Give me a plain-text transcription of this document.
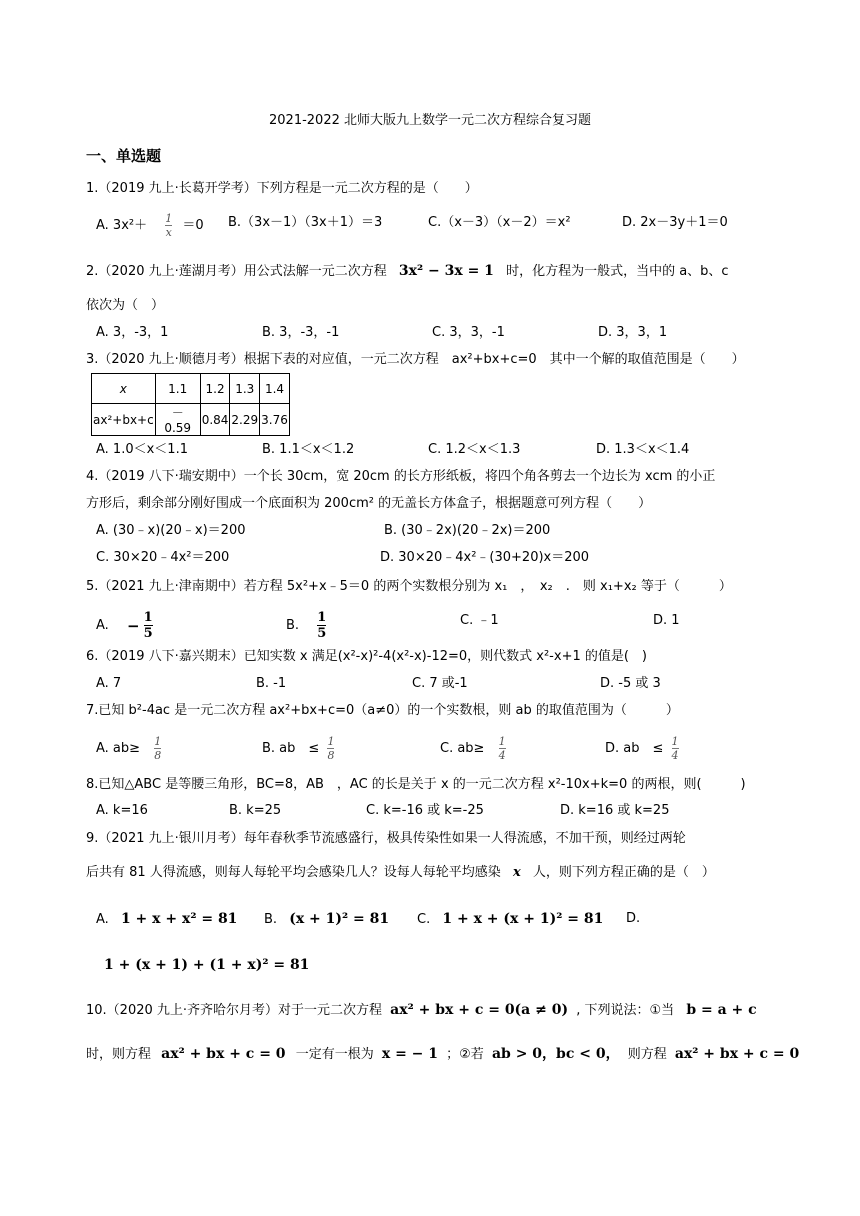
2021-2022 北师大版九上数学一元二次方程综合复习题
一、单选题
1.（2019 九上·长葛开学考）下列方程是一元二次方程的是（　　）
A. $3x^2+ \frac{1}{x} =0$ B.（3x－1）（3x＋1）＝3	C.（x－3）（x－2）＝x²	D. 2x－3y＋1＝0
2.（2020 九上·莲湖月考）用公式法解一元二次方程 3x² − 3x = 1 时，化方程为一般式，当中的 a、b、c
依次为（　）
A. 3，-3，1	B. 3，-3，-1	C. 3，3，-1	D. 3，3，1
3.（2020 九上·顺德月考）根据下表的对应值，一元二次方程　ax²+bx+c=0　其中一个解的取值范围是（　　）
x	1.1	1.2	1.3	1.4
ax²+bx+c	－0.59	0.84	2.29	3.76
A. 1.0＜x＜1.1	B. 1.1＜x＜1.2	C. 1.2＜x＜1.3	D. 1.3＜x＜1.4
4.（2019 八下·瑞安期中）一个长 30cm，宽 20cm 的长方形纸板，将四个角各剪去一个边长为 xcm 的小正
方形后，剩余部分刚好围成一个底面积为 200cm² 的无盖长方体盒子，根据题意可列方程（　　）
A. (30﹣x)(20﹣x)＝200	B. (30﹣2x)(20﹣2x)＝200
C. 30×20﹣4x²＝200	D. 30×20﹣4x²﹣(30+20)x＝200
5.（2021 九上·津南期中）若方程 5x²+x﹣5＝0 的两个实数根分别为 x₁　，　x₂　.　则 x₁+x₂ 等于（　　　）
A. − $\frac{1}{5}$	B. $\frac{1}{5}$	C. ﹣1	D. 1
6.（2019 八下·嘉兴期末）已知实数 x 满足(x²-x)²-4(x²-x)-12=0，则代数式 x²-x+1 的值是(　)
A. 7	B. -1	C. 7 或-1	D. -5 或 3
7.已知 b²-4ac 是一元二次方程 ax²+bx+c=0（a≠0）的一个实数根，则 ab 的取值范围为（　　　）
A. $ab\ge \frac{1}{8}$	B. ab　≤ $\frac{1}{8}$	C. $ab\ge \frac{1}{4}$	D. ab　≤ $\frac{1}{4}$
8.已知△ABC 是等腰三角形，BC=8，AB　，AC 的长是关于 x 的一元二次方程 x²-10x+k=0 的两根，则(　　　)
A. k=16	B. k=25	C. k=-16 或 k=-25	D. k=16 或 k=25
9.（2021 九上·银川月考）每年春秋季节流感盛行，极具传染性如果一人得流感，不加干预，则经过两轮
后共有 81 人得流感，则每人每轮平均会感染几人？设每人每轮平均感染 x 人，则下列方程正确的是（　）
A. 1 + x + x² = 81 B. (x + 1)² = 81 C. 1 + x + (x + 1)² = 81 D.
1 + (x + 1) + (1 + x)² = 81
10.（2020 九上·齐齐哈尔月考）对于一元二次方程 ax² + bx + c = 0(a ≠ 0) , 下列说法：①当 b = a + c
时，则方程 ax² + bx + c = 0 一定有一根为 x = − 1 ；②若 ab > 0，bc < 0， 则方程 ax² + bx + c = 0
